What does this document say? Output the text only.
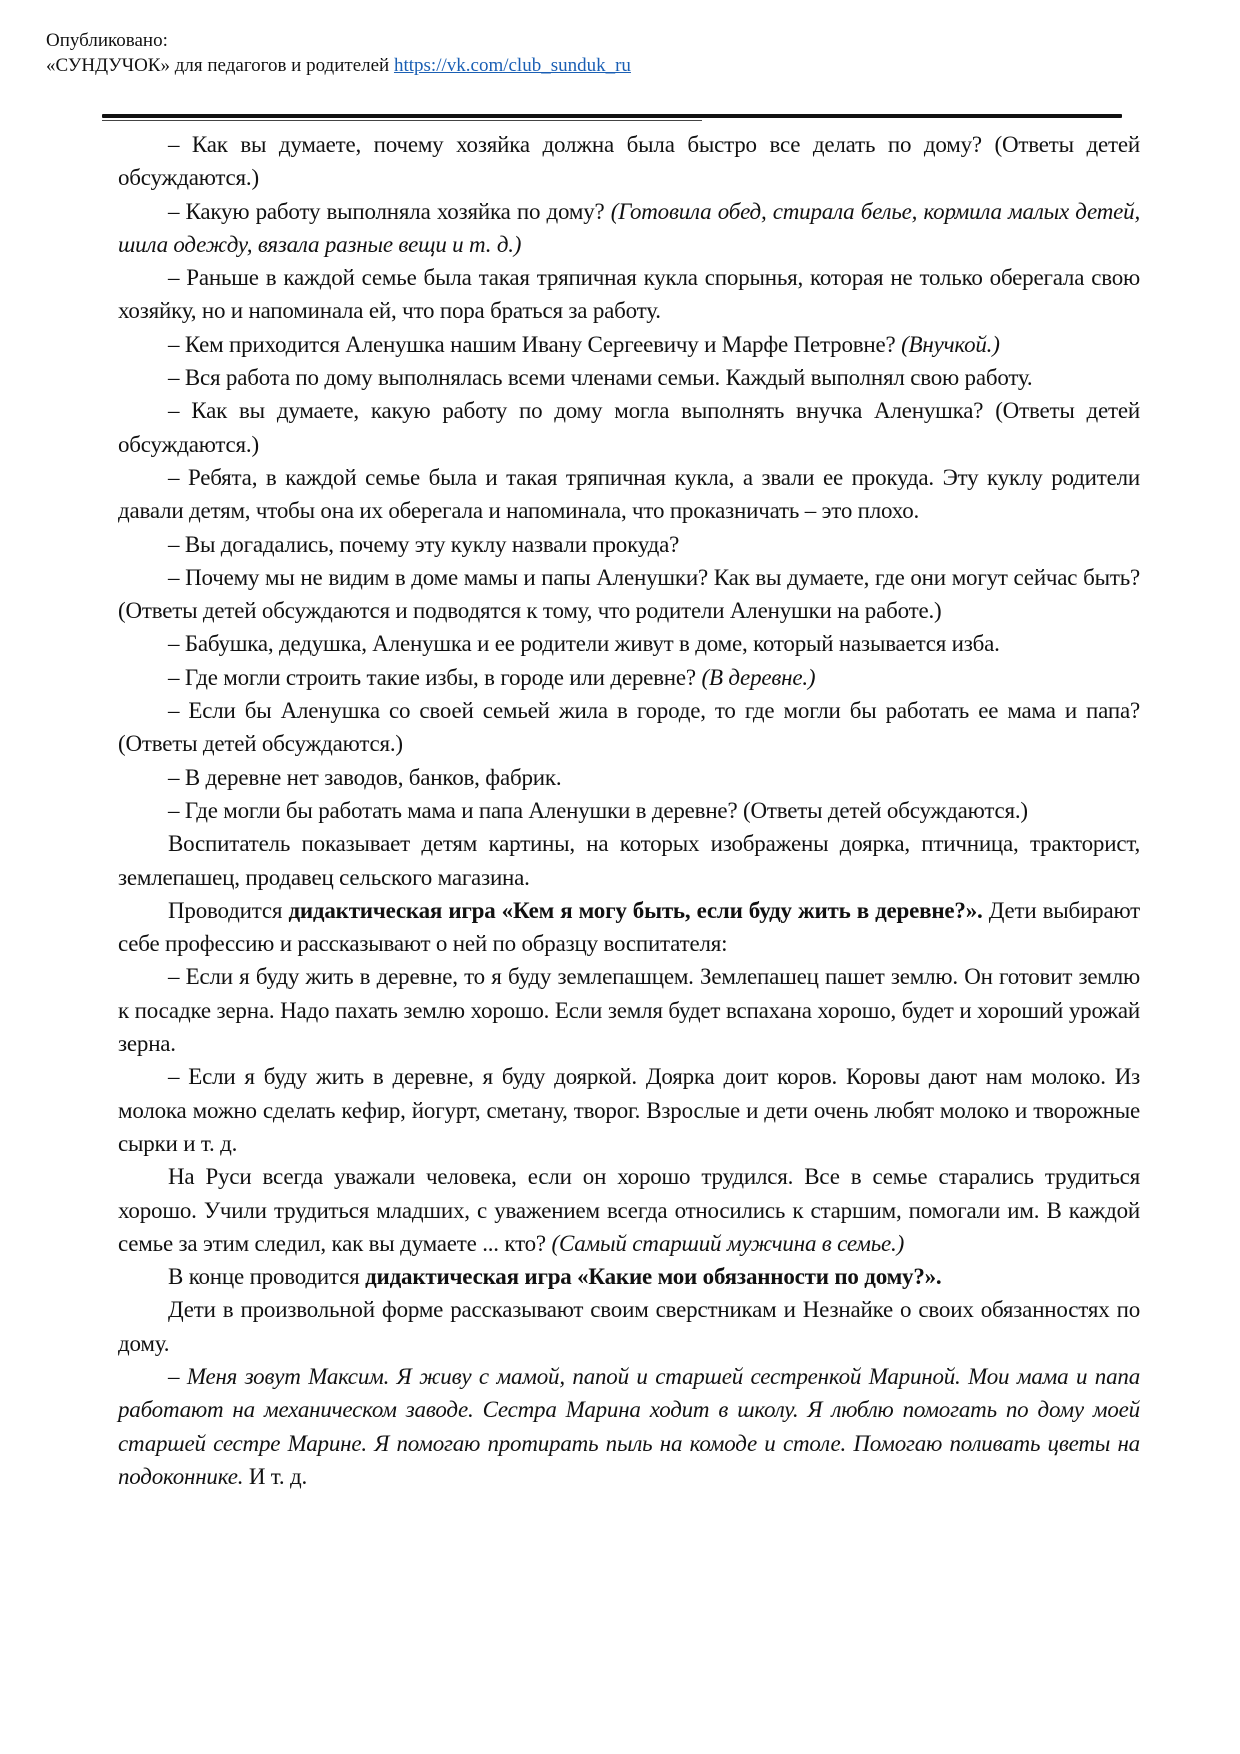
Опубликовано:
«СУНДУЧОК» для педагогов и родителей https://vk.com/club_sunduk_ru

– Как вы думаете, почему хозяйка должна была быстро все делать по дому? (Ответы детей обсуждаются.)

– Какую работу выполняла хозяйка по дому? (Готовила обед, стирала белье, кормила малых детей, шила одежду, вязала разные вещи и т. д.)

– Раньше в каждой семье была такая тряпичная кукла спорынья, которая не только оберегала свою хозяйку, но и напоминала ей, что пора браться за работу.

– Кем приходится Аленушка нашим Ивану Сергеевичу и Марфе Петровне? (Внучкой.)

– Вся работа по дому выполнялась всеми членами семьи. Каждый выполнял свою работу.

– Как вы думаете, какую работу по дому могла выполнять внучка Аленушка? (Ответы детей обсуждаются.)

– Ребята, в каждой семье была и такая тряпичная кукла, а звали ее прокуда. Эту куклу родители давали детям, чтобы она их оберегала и напоминала, что проказничать – это плохо.

– Вы догадались, почему эту куклу назвали прокуда?

– Почему мы не видим в доме мамы и папы Аленушки? Как вы думаете, где они могут сейчас быть? (Ответы детей обсуждаются и подводятся к тому, что родители Аленушки на работе.)

– Бабушка, дедушка, Аленушка и ее родители живут в доме, который называется изба.

– Где могли строить такие избы, в городе или деревне? (В деревне.)

– Если бы Аленушка со своей семьей жила в городе, то где могли бы работать ее мама и папа? (Ответы детей обсуждаются.)

– В деревне нет заводов, банков, фабрик.

– Где могли бы работать мама и папа Аленушки в деревне? (Ответы детей обсуждаются.)

Воспитатель показывает детям картины, на которых изображены доярка, птичница, тракторист, землепашец, продавец сельского магазина.

Проводится дидактическая игра «Кем я могу быть, если буду жить в деревне?». Дети выбирают себе профессию и рассказывают о ней по образцу воспитателя:

– Если я буду жить в деревне, то я буду землепашцем. Землепашец пашет землю. Он готовит землю к посадке зерна. Надо пахать землю хорошо. Если земля будет вспахана хорошо, будет и хороший урожай зерна.

– Если я буду жить в деревне, я буду дояркой. Доярка доит коров. Коровы дают нам молоко. Из молока можно сделать кефир, йогурт, сметану, творог. Взрослые и дети очень любят молоко и творожные сырки и т. д.

На Руси всегда уважали человека, если он хорошо трудился. Все в семье старались трудиться хорошо. Учили трудиться младших, с уважением всегда относились к старшим, помогали им. В каждой семье за этим следил, как вы думаете ... кто? (Самый старший мужчина в семье.)

В конце проводится дидактическая игра «Какие мои обязанности по дому?».

Дети в произвольной форме рассказывают своим сверстникам и Незнайке о своих обязанностях по дому.

– Меня зовут Максим. Я живу с мамой, папой и старшей сестренкой Мариной. Мои мама и папа работают на механическом заводе. Сестра Марина ходит в школу. Я люблю помогать по дому моей старшей сестре Марине. Я помогаю протирать пыль на комоде и столе. Помогаю поливать цветы на подоконнике. И т. д.
